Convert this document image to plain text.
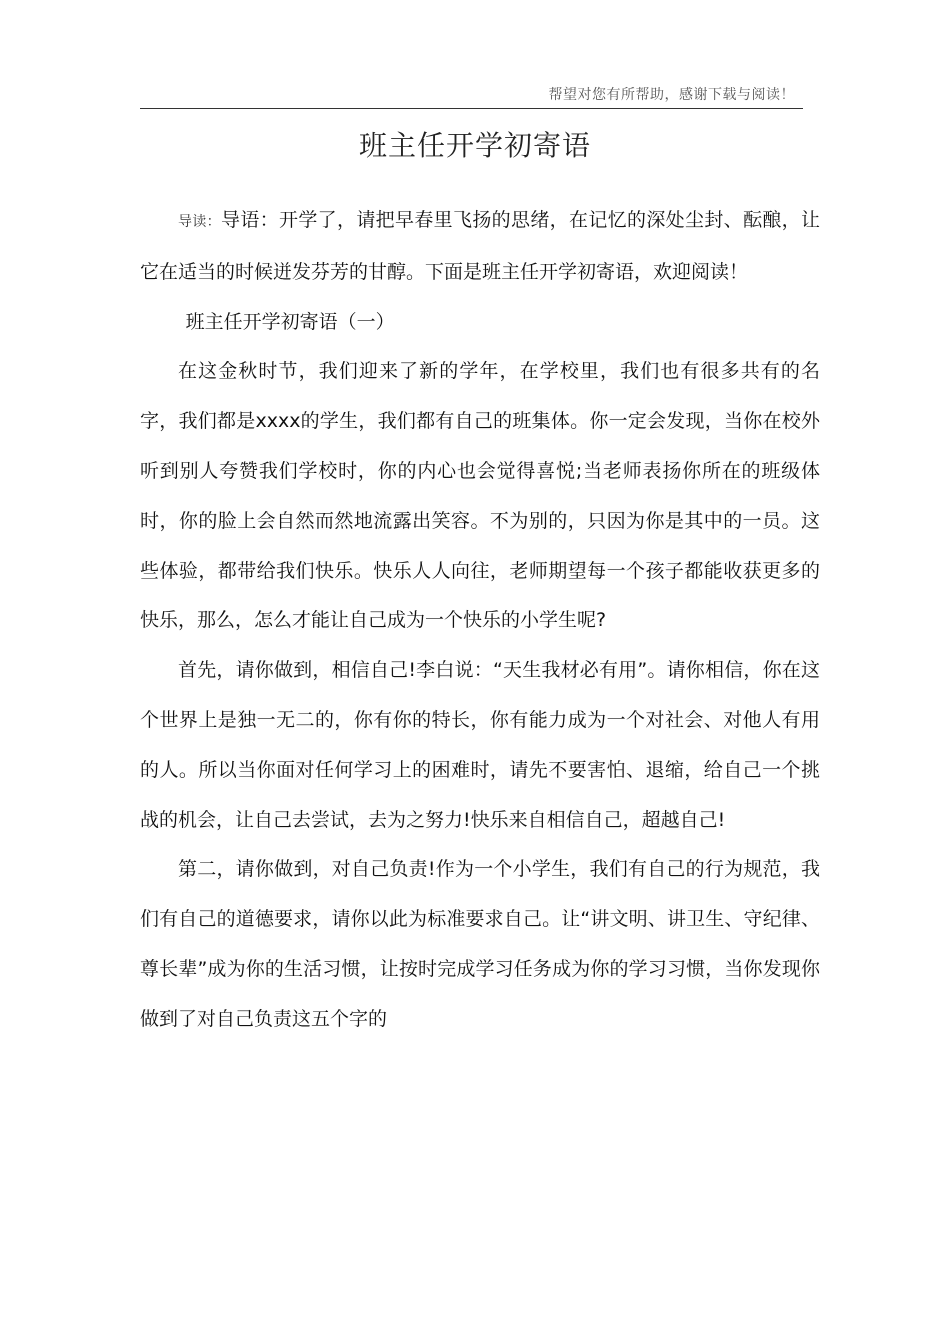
帮望对您有所帮助，感谢下载与阅读！
班主任开学初寄语

导读：导语：开学了，请把早春里飞扬的思绪，在记忆的深处尘封、酝酿，让它在适当的时候迸发芬芳的甘醇。下面是班主任开学初寄语，欢迎阅读！

班主任开学初寄语（一）

在这金秋时节，我们迎来了新的学年，在学校里，我们也有很多共有的名字，我们都是xxxx的学生，我们都有自己的班集体。你一定会发现，当你在校外听到别人夸赞我们学校时，你的内心也会觉得喜悦;当老师表扬你所在的班级体时，你的脸上会自然而然地流露出笑容。不为别的，只因为你是其中的一员。这些体验，都带给我们快乐。快乐人人向往，老师期望每一个孩子都能收获更多的快乐，那么，怎么才能让自己成为一个快乐的小学生呢?

首先，请你做到，相信自己!李白说：“天生我材必有用”。请你相信，你在这个世界上是独一无二的，你有你的特长，你有能力成为一个对社会、对他人有用的人。所以当你面对任何学习上的困难时，请先不要害怕、退缩，给自己一个挑战的机会，让自己去尝试，去为之努力!快乐来自相信自己，超越自己!

第二，请你做到，对自己负责!作为一个小学生，我们有自己的行为规范，我们有自己的道德要求，请你以此为标准要求自己。让“讲文明、讲卫生、守纪律、尊长辈”成为你的生活习惯，让按时完成学习任务成为你的学习习惯，当你发现你做到了对自己负责这五个字的
